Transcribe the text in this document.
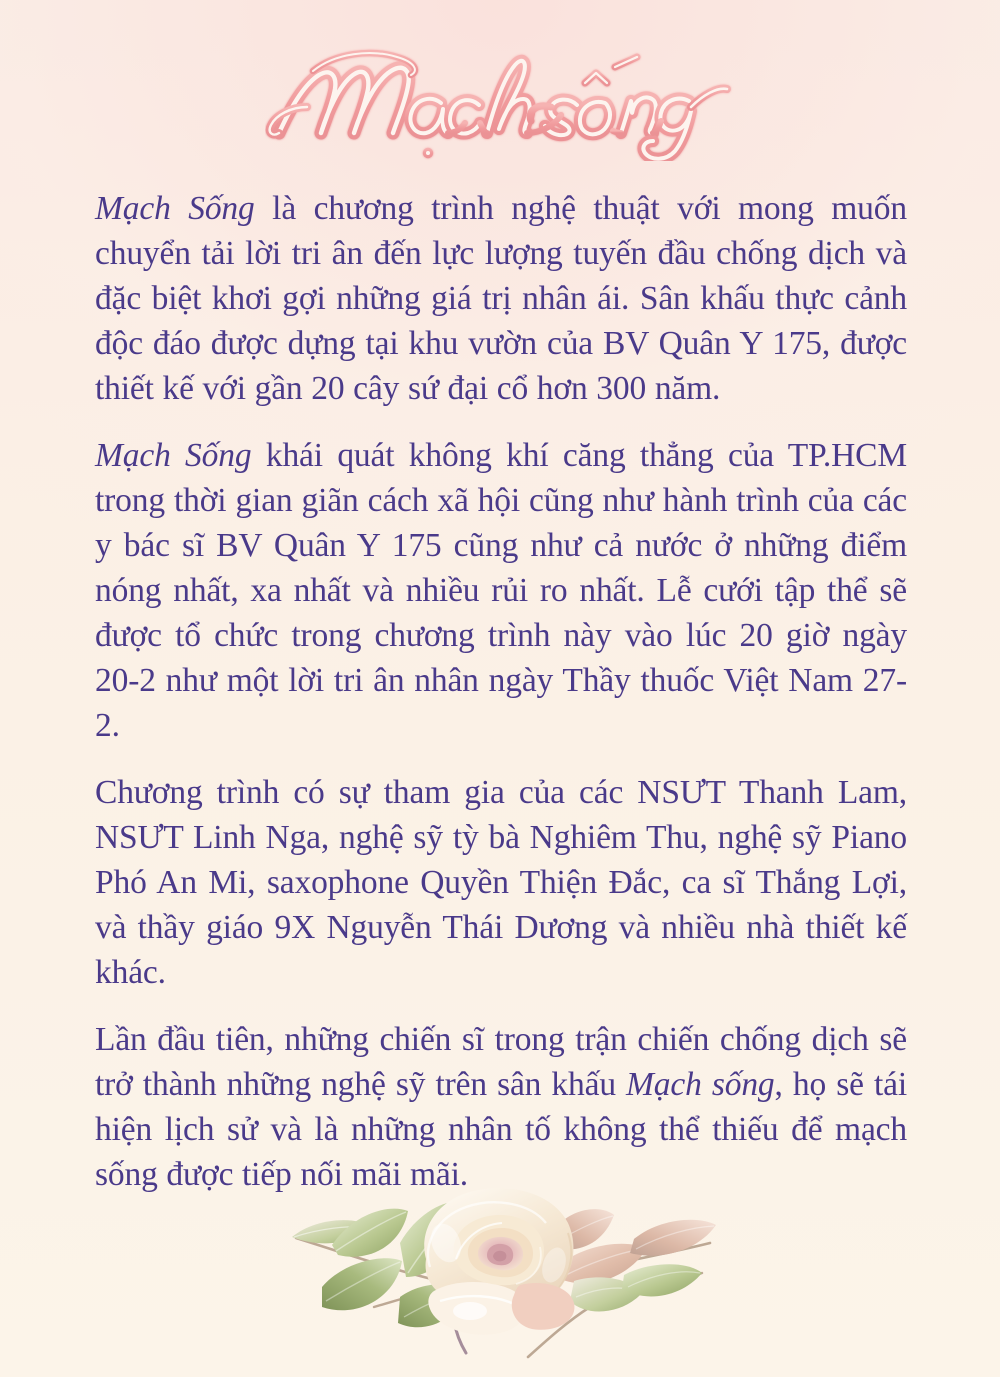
Mạch Sống là chương trình nghệ thuật với mong muốn chuyển tải lời tri ân đến lực lượng tuyến đầu chống dịch và đặc biệt khơi gợi những giá trị nhân ái. Sân khấu thực cảnh độc đáo được dựng tại khu vườn của BV Quân Y 175, được thiết kế với gần 20 cây sứ đại cổ hơn 300 năm.

Mạch Sống khái quát không khí căng thẳng của TP.HCM trong thời gian giãn cách xã hội cũng như hành trình của các y bác sĩ BV Quân Y 175 cũng như cả nước ở những điểm nóng nhất, xa nhất và nhiều rủi ro nhất. Lễ cưới tập thể sẽ được tổ chức trong chương trình này vào lúc 20 giờ ngày 20-2 như một lời tri ân nhân ngày Thầy thuốc Việt Nam 27-2.

Chương trình có sự tham gia của các NSƯT Thanh Lam, NSƯT Linh Nga, nghệ sỹ tỳ bà Nghiêm Thu, nghệ sỹ Piano Phó An Mi, saxophone Quyền Thiện Đắc, ca sĩ Thắng Lợi, và thầy giáo 9X Nguyễn Thái Dương và nhiều nhà thiết kế khác.

Lần đầu tiên, những chiến sĩ trong trận chiến chống dịch sẽ trở thành những nghệ sỹ trên sân khấu Mạch sống, họ sẽ tái hiện lịch sử và là những nhân tố không thể thiếu để mạch sống được tiếp nối mãi mãi.
